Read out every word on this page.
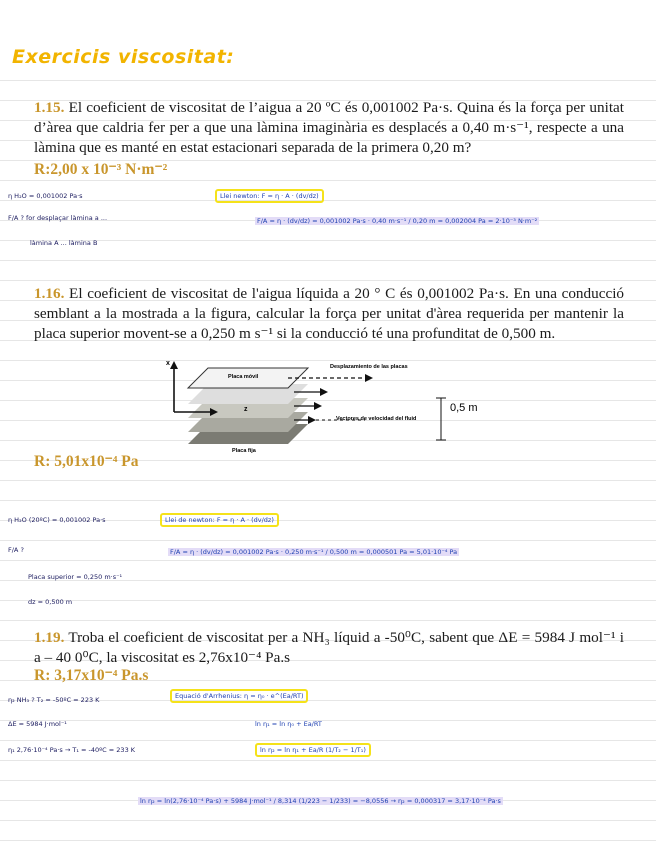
Exercicis viscositat:
1.15. El coeficient de viscositat de l’aigua a 20 ºC és 0,001002 Pa·s. Quina és la força per unitat d’àrea que caldria fer per a que una làmina imaginària es desplacés a 0,40 m·s⁻¹, respecte a una làmina que es manté en estat estacionari separada de la primera 0,20 m?
R:2,00 x 10⁻³ N·m⁻²
η H₂O = 0,001002 Pa·s
F/A ? for desplaçar làmina a ...
làmina A ... làmina B
Llei newton: F = η · A · (dv/dz)
F/A = η · (dv/dz) = 0,001002 Pa·s · 0,40 m·s⁻¹ / 0,20 m = 0,002004 Pa = 2·10⁻³ N·m⁻²
1.16. El coeficient de viscositat de l'aigua líquida a 20 ° C és 0,001002 Pa·s. En una conducció semblant a la mostrada a la figura, calcular la força per unitat d'àrea requerida per mantenir la placa superior movent-se a 0,250 m s⁻¹ si la conducció té una profunditat de 0,500 m.
x
z
Placa móvil
Placa fija
Desplazamiento de las placas
Vectores de velocidad del fluid
0,5 m
R: 5,01x10⁻⁴ Pa
η H₂O (20ºC) = 0,001002 Pa·s	Llei de newton: F = η · A · (dv/dz)
F/A ?	F/A = η · (dv/dz) = 0,001002 Pa·s · 0,250 m·s⁻¹ / 0,500 m = 0,000501 Pa = 5,01·10⁻⁴ Pa
Placa superior = 0,250 m·s⁻¹
dz = 0,500 m
1.19. Troba el coeficient de viscositat per a NH₃ líquid a -50⁰C, sabent que ΔE = 5984 J mol⁻¹ i a – 40 0⁰C, la viscositat es 2,76x10⁻⁴ Pa.s
R: 3,17x10⁻⁴ Pa.s
η₂ NH₃ ? T₂ = -50ºC = 223 K
ΔE = 5984 J·mol⁻¹
η₁ 2,76·10⁻⁴ Pa·s → T₁ = -40ºC = 233 K
Equació d'Arrhenius: η = η₀ · e^(Ea/RT)
ln η₁ = ln η₀ + Ea/RT
ln η₂ = ln η₁ + Ea/R (1/T₂ − 1/T₁)
ln η₂ = ln(2,76·10⁻⁴ Pa·s) + 5984 J·mol⁻¹ / 8,314 (1/223 − 1/233) = −8,0556 → η₂ = 0,000317 = 3,17·10⁻⁴ Pa·s
